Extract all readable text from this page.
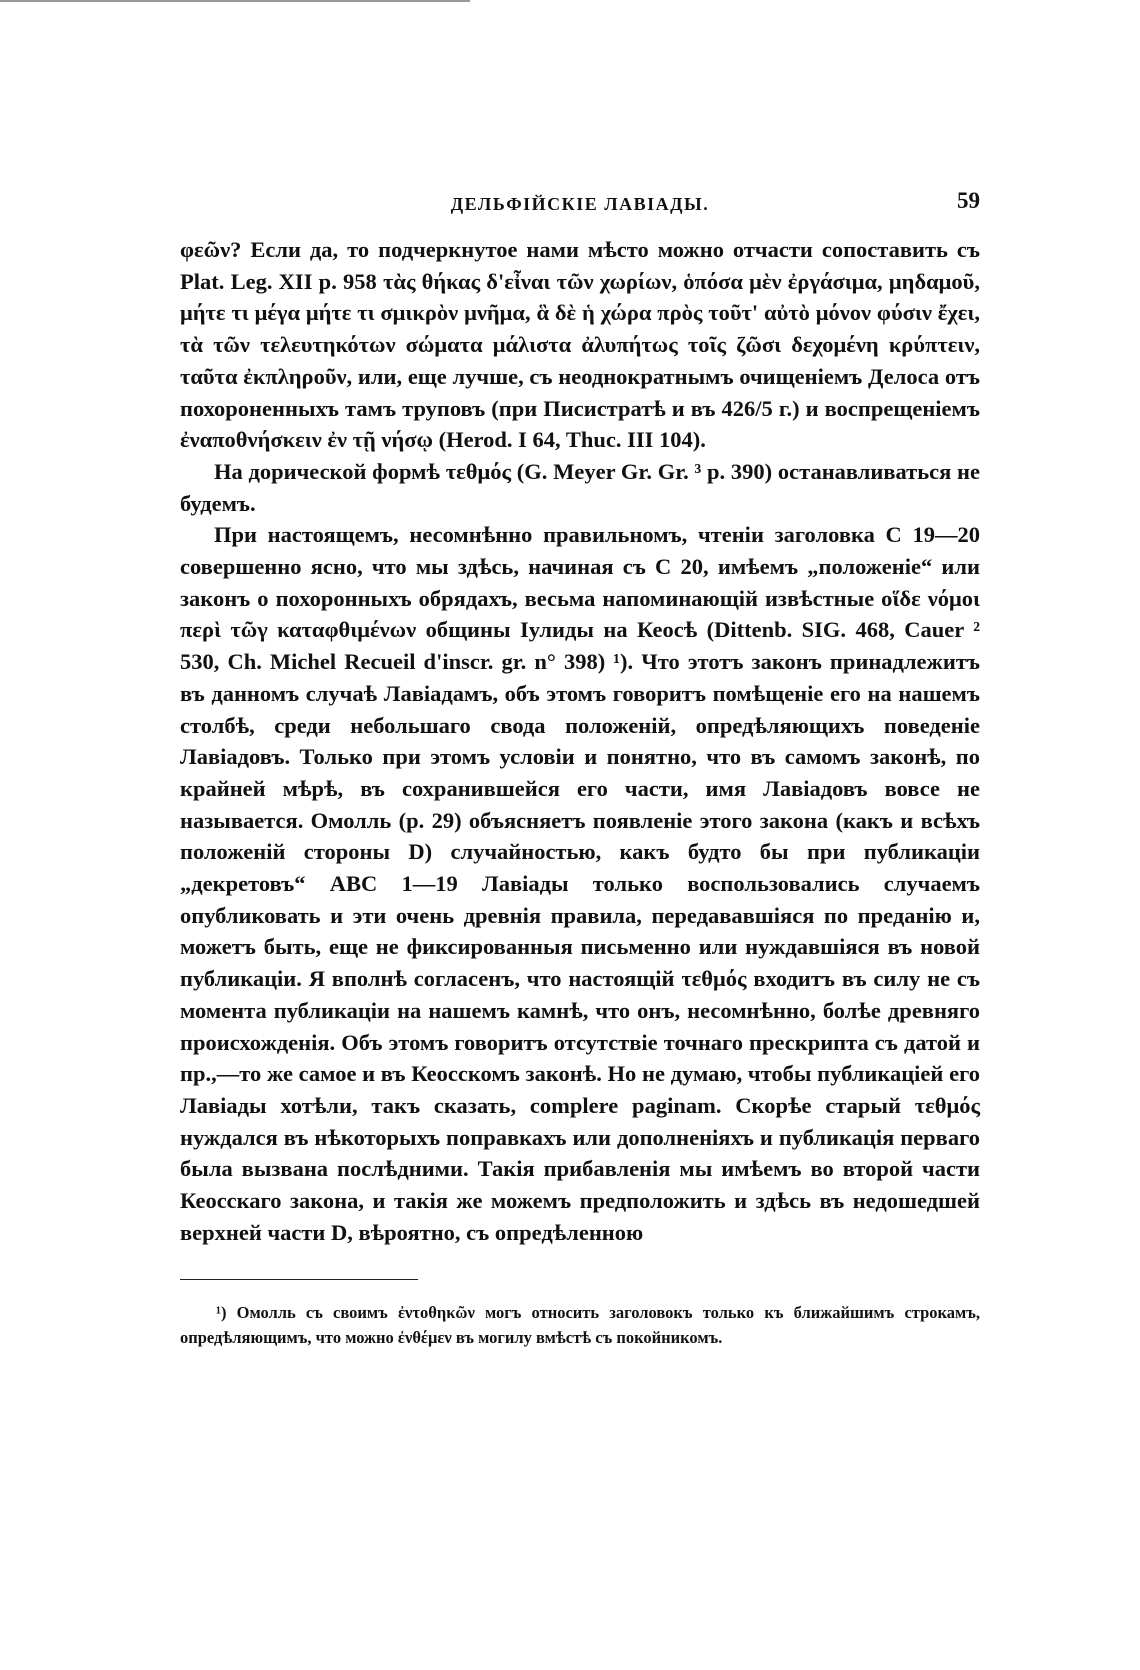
ДЕЛЬФІЙСКІЕ ЛАВІАДЫ.	59

φεῶν? Если да, то подчеркнутое нами мѣсто можно отчасти сопоставить съ Plat. Leg. XII p. 958 τὰς θήκας δ'εἶναι τῶν χωρίων, ὁπόσα μὲν ἐργάσιμα, μηδαμοῦ, μήτε τι μέγα μήτε τι σμικρὸν μνῆμα, ἃ δὲ ἡ χώρα πρὸς τοῦτ' αὐτὸ μόνον φύσιν ἔχει, τὰ τῶν τελευτηκότων σώματα μάλιστα ἀλυπήτως τοῖς ζῶσι δεχομένη κρύπτειν, ταῦτα ἐκπληροῦν, или, еще лучше, съ неоднократнымъ очищеніемъ Делоса отъ похороненныхъ тамъ труповъ (при Писистратѣ и въ 426/5 г.) и воспрещеніемъ ἐναποθνήσκειν ἐν τῇ νήσῳ (Herod. I 64, Thuc. III 104).

На дорической формѣ τεθμός (G. Meyer Gr. Gr. ³ p. 390) останавливаться не будемъ.

При настоящемъ, несомнѣнно правильномъ, чтеніи заголовка C 19—20 совершенно ясно, что мы здѣсь, начиная съ C 20, имѣемъ „положеніе“ или законъ о похоронныхъ обрядахъ, весьма напоминающій извѣстные οἵδε νόμοι περὶ τῶγ καταφθιμένων общины Іулиды на Кеосѣ (Dittenb. SIG. 468, Cauer ² 530, Ch. Michel Recueil d'inscr. gr. n° 398) ¹). Что этотъ законъ принадлежитъ въ данномъ случаѣ Лавіадамъ, объ этомъ говоритъ помѣщеніе его на нашемъ столбѣ, среди небольшаго свода положеній, опредѣляющихъ поведеніе Лавіадовъ. Только при этомъ условіи и понятно, что въ самомъ законѣ, по крайней мѣрѣ, въ сохранившейся его части, имя Лавіадовъ вовсе не называется. Омолль (p. 29) объясняетъ появленіе этого закона (какъ и всѣхъ положеній стороны D) случайностью, какъ будто бы при публикаціи „декретовъ“ ABC 1—19 Лавіады только воспользовались случаемъ опубликовать и эти очень древнія правила, передававшіяся по преданію и, можетъ быть, еще не фиксированныя письменно или нуждавшіяся въ новой публикаціи. Я вполнѣ согласенъ, что настоящій τεθμός входитъ въ силу не съ момента публикаціи на нашемъ камнѣ, что онъ, несомнѣнно, болѣе древняго происхожденія. Объ этомъ говоритъ отсутствіе точнаго прескрипта съ датой и пр.,—то же самое и въ Кеосскомъ законѣ. Но не думаю, чтобы публикаціей его Лавіады хотѣли, такъ сказать, complere paginam. Скорѣе старый τεθμός нуждался въ нѣкоторыхъ поправкахъ или дополненіяхъ и публикація перваго была вызвана послѣдними. Такія прибавленія мы имѣемъ во второй части Кеосскаго закона, и такія же можемъ предположить и здѣсь въ недошедшей верхней части D, вѣроятно, съ опредѣленною

¹) Омолль съ своимъ ἐντοθηκῶν могъ относить заголовокъ только къ ближайшимъ строкамъ, опредѣляющимъ, что можно ἐνθέμεν въ могилу вмѣстѣ съ покойникомъ.
